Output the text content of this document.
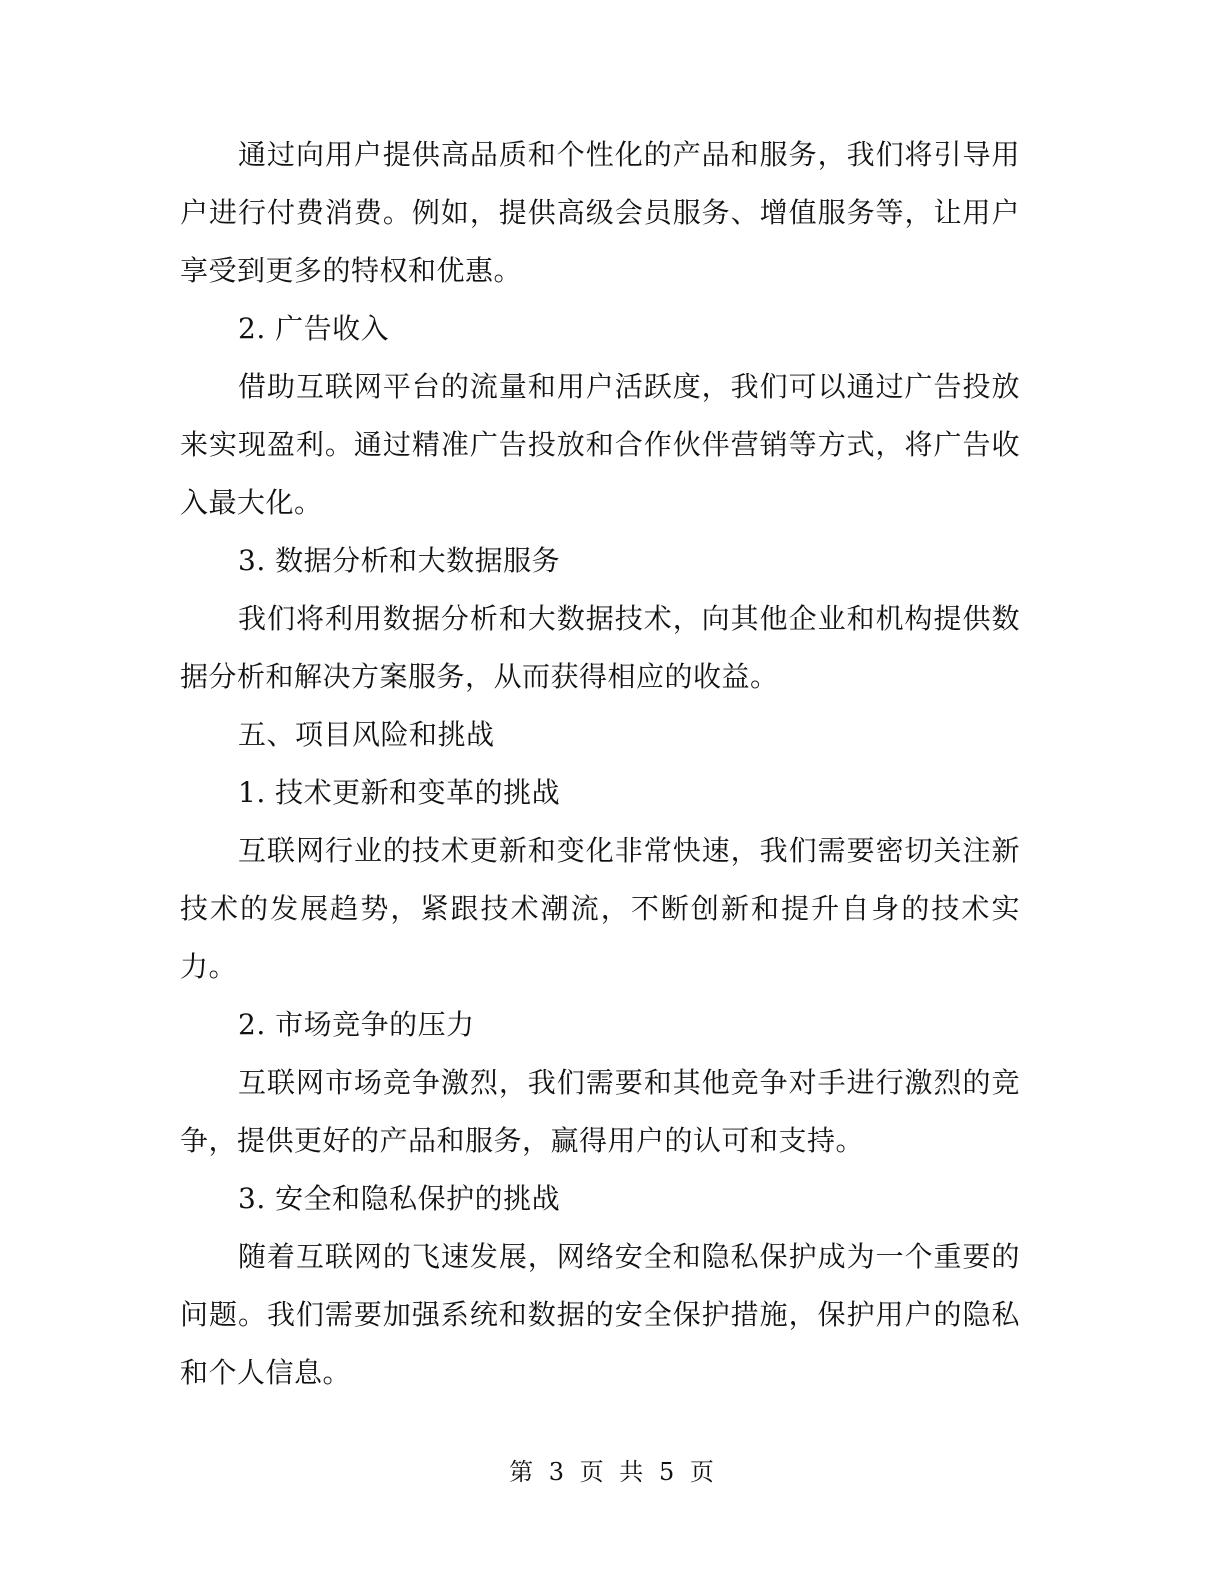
通过向用户提供高品质和个性化的产品和服务，我们将引导用户进行付费消费。例如，提供高级会员服务、增值服务等，让用户享受到更多的特权和优惠。

2. 广告收入

借助互联网平台的流量和用户活跃度，我们可以通过广告投放来实现盈利。通过精准广告投放和合作伙伴营销等方式，将广告收入最大化。

3. 数据分析和大数据服务

我们将利用数据分析和大数据技术，向其他企业和机构提供数据分析和解决方案服务，从而获得相应的收益。

五、项目风险和挑战

1. 技术更新和变革的挑战

互联网行业的技术更新和变化非常快速，我们需要密切关注新技术的发展趋势，紧跟技术潮流，不断创新和提升自身的技术实力。

2. 市场竞争的压力

互联网市场竞争激烈，我们需要和其他竞争对手进行激烈的竞争，提供更好的产品和服务，赢得用户的认可和支持。

3. 安全和隐私保护的挑战

随着互联网的飞速发展，网络安全和隐私保护成为一个重要的问题。我们需要加强系统和数据的安全保护措施，保护用户的隐私和个人信息。

第 3 页 共 5 页
